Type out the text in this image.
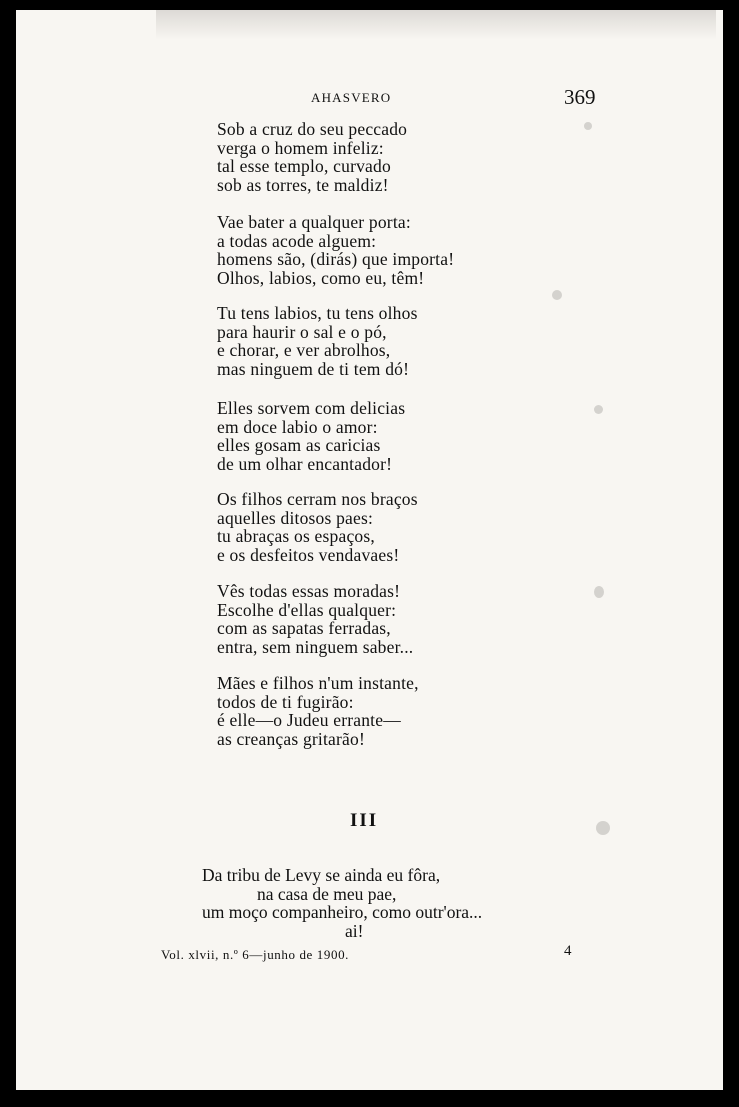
AHASVERO	369
Sob a cruz do seu peccado
verga o homem infeliz:
tal esse templo, curvado
sob as torres, te maldiz!
Vae bater a qualquer porta:
a todas acode alguem:
homens são, (dirás) que importa!
Olhos, labios, como eu, têm!
Tu tens labios, tu tens olhos
para haurir o sal e o pó,
e chorar, e ver abrolhos,
mas ninguem de ti tem dó!
Elles sorvem com delicias
em doce labio o amor:
elles gosam as caricias
de um olhar encantador!
Os filhos cerram nos braços
aquelles ditosos paes:
tu abraças os espaços,
e os desfeitos vendavaes!
Vês todas essas moradas!
Escolhe d'ellas qualquer:
com as sapatas ferradas,
entra, sem ninguem saber...
Mães e filhos n'um instante,
todos de ti fugirão:
é elle—o Judeu errante—
as creanças gritarão!
III
Da tribu de Levy se ainda eu fôra,
na casa de meu pae,
um moço companheiro, como outr'ora...
ai!
Vol. xlvii, n.º 6—junho de 1900.	4
